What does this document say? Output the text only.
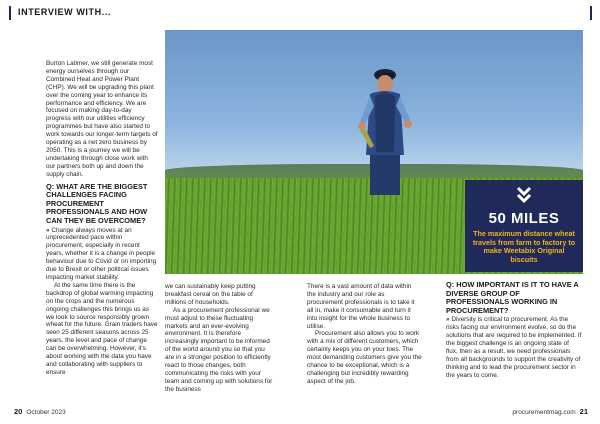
INTERVIEW WITH...

Burton Latimer, we still generate most energy ourselves through our Combined Heat and Power Plant (CHP). We will be upgrading this plant over the coming year to enhance its performance and efficiency. We are focused on making day-to-day progress with our utilities efficiency programmes but have also started to work towards our longer-term targets of operating as a net zero business by 2050. This is a journey we will be undertaking through close work with our partners both up and down the supply chain.

Q: WHAT ARE THE BIGGEST CHALLENGES FACING PROCUREMENT PROFESSIONALS AND HOW CAN THEY BE OVERCOME?

» Change always moves at an unprecedented pace within procurement, especially in recent years, whether it is a change in people behaviour due to Covid or on importing due to Brexit or other political issues impacting market stability.

At the same time there is the backdrop of global warming impacting on the crops and the numerous ongoing challenges this brings us as we look to source responsibly grown wheat for the future. Grain traders have seen 25 different seasons across 25 years, the level and pace of change can be overwhelming. However, it's about working with the data you have and collaborating with suppliers to ensure

50 MILES
The maximum distance wheat travels from farm to factory to make Weetabix Original biscuits

we can sustainably keep putting breakfast cereal on the table of millions of households.

As a procurement professional we must adjust to these fluctuating markets and an ever-evolving environment. It is therefore increasingly important to be informed of the world around you so that you are in a stronger position to efficiently react to those changes, both communicating the risks with your team and coming up with solutions for the business

There is a vast amount of data within the industry and our role as procurement professionals is to take it all in, make it consumable and turn it into insight for the whole business to utilise.

Procurement also allows you to work with a mix of different customers, which certainly keeps you on your toes. The most demanding customers give you the chance to be exceptional, which is a challenging but incredibly rewarding aspect of the job.

Q: HOW IMPORTANT IS IT TO HAVE A DIVERSE GROUP OF PROFESSIONALS WORKING IN PROCUREMENT?

» Diversity is critical to procurement. As the risks facing our environment evolve, so do the solutions that are required to be implemented. If the biggest challenge is an ongoing state of flux, then as a result, we need professionals from all backgrounds to support the creativity of thinking and to lead the procurement sector in the years to come.

20 October 2023	procurementmag.com 21
